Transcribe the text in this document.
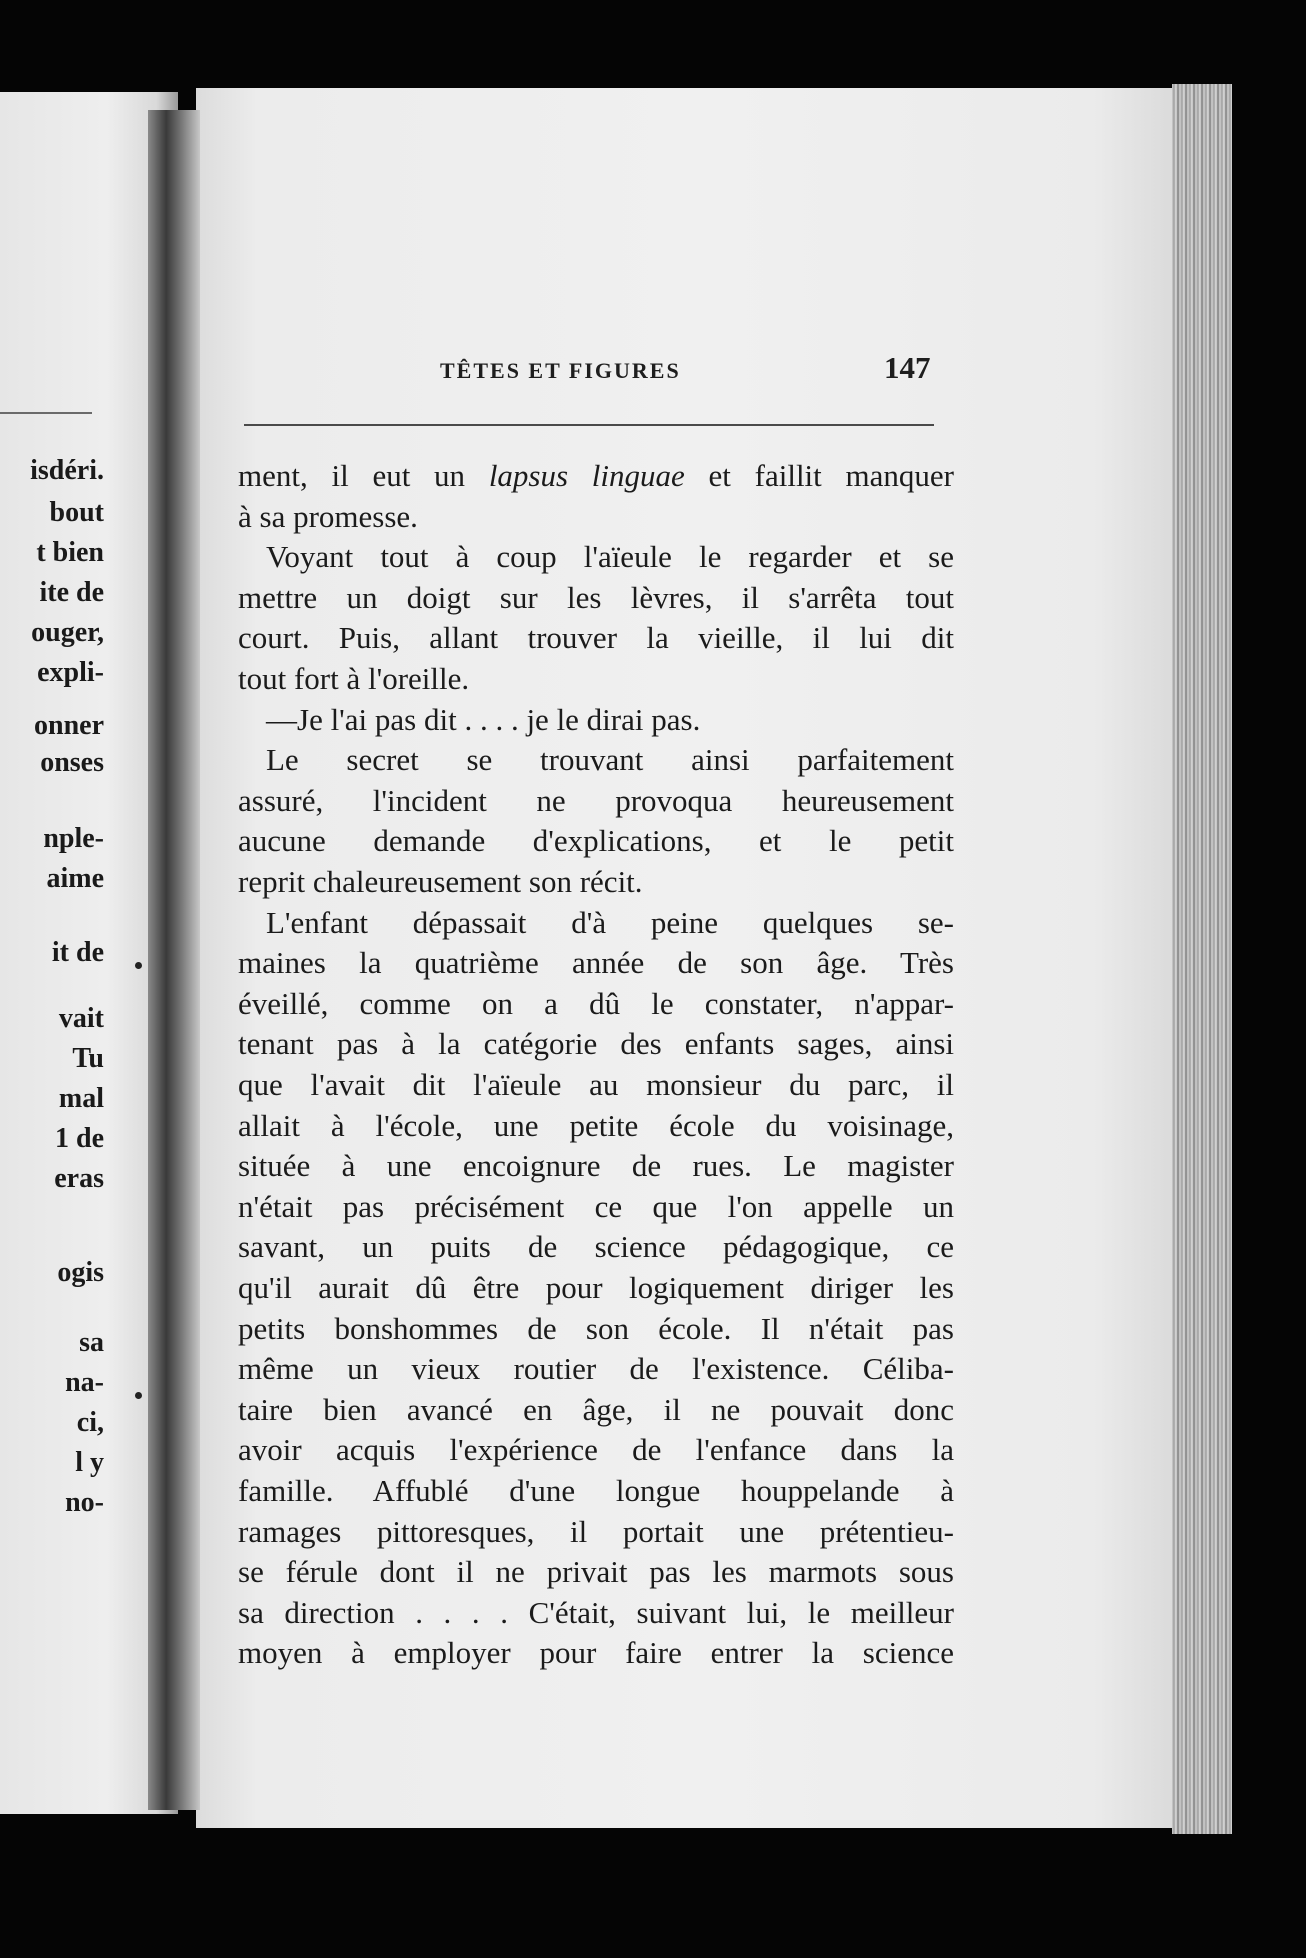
isdéri.
bout
t bien
ite de
ouger,
expli-
onner
onses
nple-
aime
it de
vait
Tu
mal
1 de
eras
ogis
sa
na-
ci,
l y
no-
TÊTES ET FIGURES	147
ment, il eut un lapsus linguae et faillit manquer
à sa promesse.
Voyant tout à coup l'aïeule le regarder et se
mettre un doigt sur les lèvres, il s'arrêta tout
court. Puis, allant trouver la vieille, il lui dit
tout fort à l'oreille.
—Je l'ai pas dit . . . . je le dirai pas.
Le secret se trouvant ainsi parfaitement
assuré, l'incident ne provoqua heureusement
aucune demande d'explications, et le petit
reprit chaleureusement son récit.
L'enfant dépassait d'à peine quelques se-
maines la quatrième année de son âge. Très
éveillé, comme on a dû le constater, n'appar-
tenant pas à la catégorie des enfants sages, ainsi
que l'avait dit l'aïeule au monsieur du parc, il
allait à l'école, une petite école du voisinage,
située à une encoignure de rues. Le magister
n'était pas précisément ce que l'on appelle un
savant, un puits de science pédagogique, ce
qu'il aurait dû être pour logiquement diriger les
petits bonshommes de son école. Il n'était pas
même un vieux routier de l'existence. Céliba-
taire bien avancé en âge, il ne pouvait donc
avoir acquis l'expérience de l'enfance dans la
famille. Affublé d'une longue houppelande à
ramages pittoresques, il portait une prétentieu-
se férule dont il ne privait pas les marmots sous
sa direction . . . . C'était, suivant lui, le meilleur
moyen à employer pour faire entrer la science
